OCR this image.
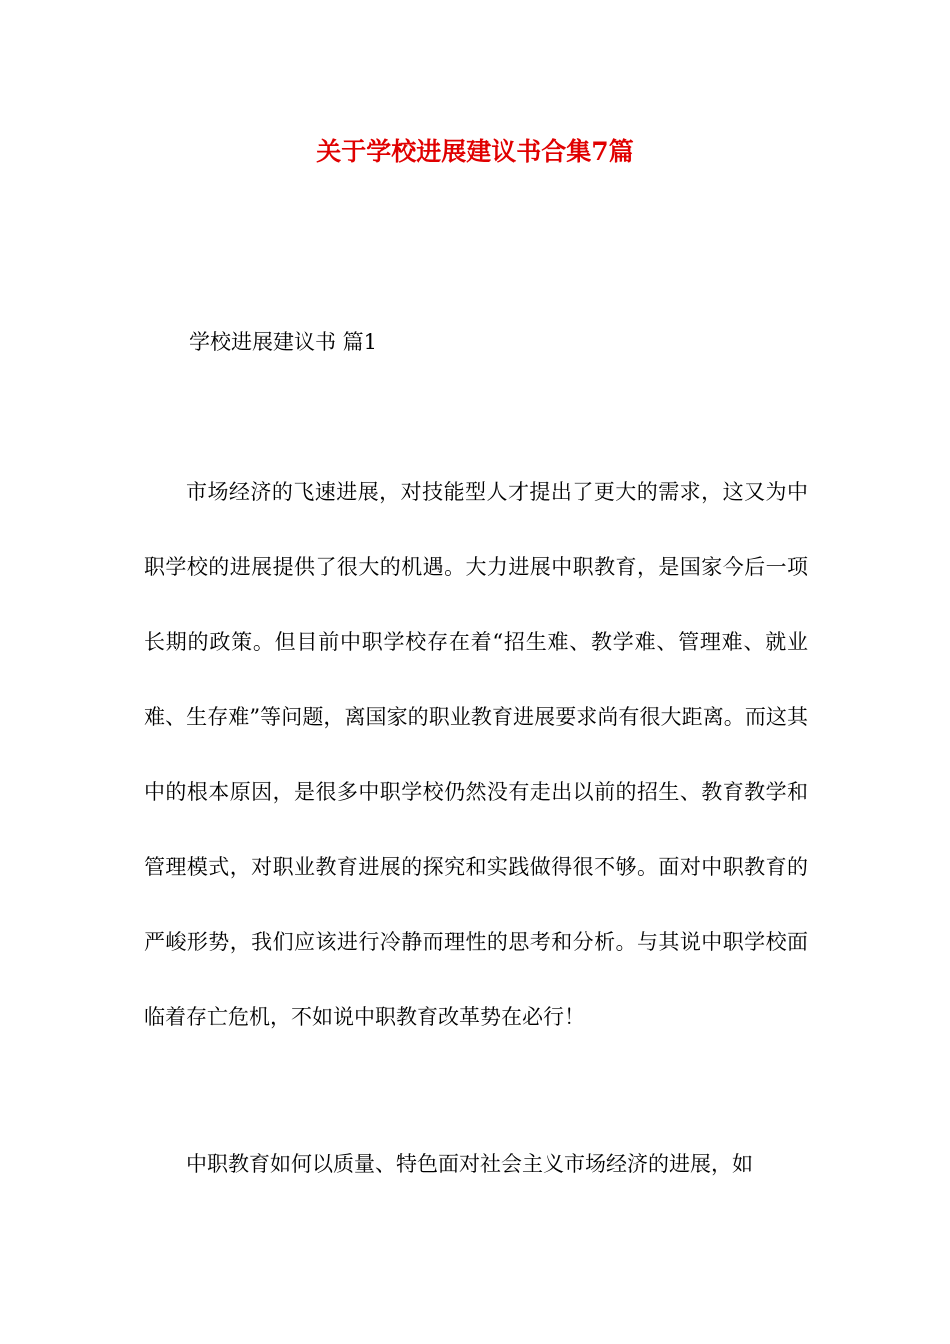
关于学校进展建议书合集7篇

学校进展建议书 篇1

市场经济的飞速进展，对技能型人才提出了更大的需求，这又为中职学校的进展提供了很大的机遇。大力进展中职教育，是国家今后一项长期的政策。但目前中职学校存在着“招生难、教学难、管理难、就业难、生存难”等问题，离国家的职业教育进展要求尚有很大距离。而这其中的根本原因，是很多中职学校仍然没有走出以前的招生、教育教学和管理模式，对职业教育进展的探究和实践做得很不够。面对中职教育的严峻形势，我们应该进行冷静而理性的思考和分析。与其说中职学校面临着存亡危机，不如说中职教育改革势在必行！

中职教育如何以质量、特色面对社会主义市场经济的进展，如
